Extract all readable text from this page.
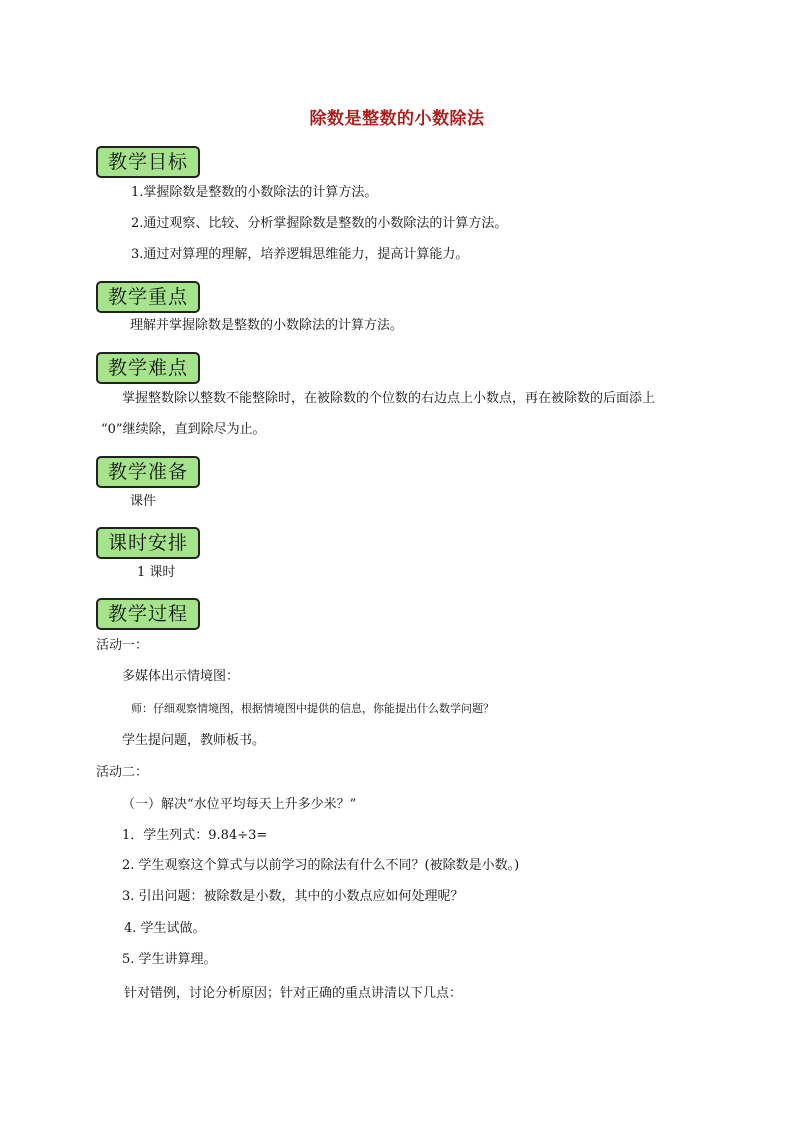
除数是整数的小数除法
教学目标
1.掌握除数是整数的小数除法的计算方法。
2.通过观察、比较、分析掌握除数是整数的小数除法的计算方法。
3.通过对算理的理解，培养逻辑思维能力，提高计算能力。
教学重点
理解并掌握除数是整数的小数除法的计算方法。
教学难点
掌握整数除以整数不能整除时，在被除数的个位数的右边点上小数点，再在被除数的后面添上
“0”继续除，直到除尽为止。
教学准备
课件
课时安排
1 课时
教学过程
活动一：
多媒体出示情境图：
师：仔细观察情境图，根据情境图中提供的信息，你能提出什么数学问题？
学生提问题，教师板书。
活动二：
（一）解决“水位平均每天上升多少米？”
1．学生列式：9.84÷3=
2. 学生观察这个算式与以前学习的除法有什么不同？(被除数是小数。)
3. 引出问题：被除数是小数，其中的小数点应如何处理呢？
4. 学生试做。
5. 学生讲算理。
针对错例，讨论分析原因；针对正确的重点讲清以下几点：
